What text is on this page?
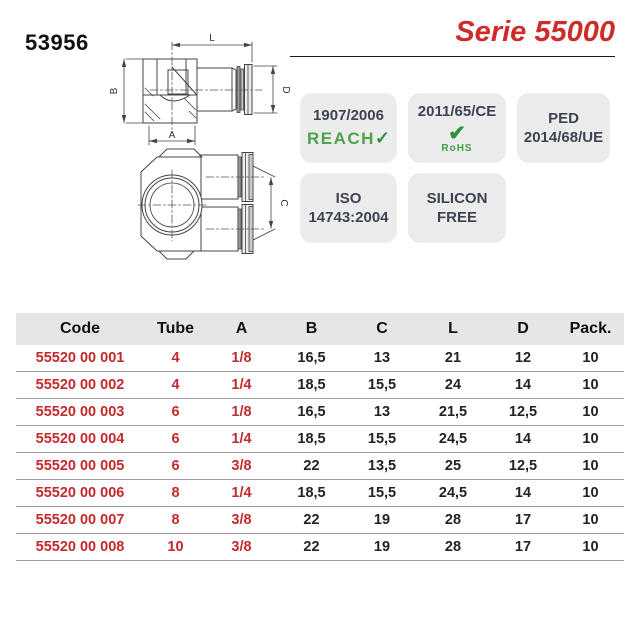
53956	Serie 55000
L
B	D
A
C
1907/2006
REACH✓
2011/65/CE
✔
RoHS
PED
2014/68/UE
ISO
14743:2004
SILICON
FREE
Code	Tube	A	B	C	L	D	Pack.
55520 00 001	4	1/8	16,5	13	21	12	10
55520 00 002	4	1/4	18,5	15,5	24	14	10
55520 00 003	6	1/8	16,5	13	21,5	12,5	10
55520 00 004	6	1/4	18,5	15,5	24,5	14	10
55520 00 005	6	3/8	22	13,5	25	12,5	10
55520 00 006	8	1/4	18,5	15,5	24,5	14	10
55520 00 007	8	3/8	22	19	28	17	10
55520 00 008	10	3/8	22	19	28	17	10
